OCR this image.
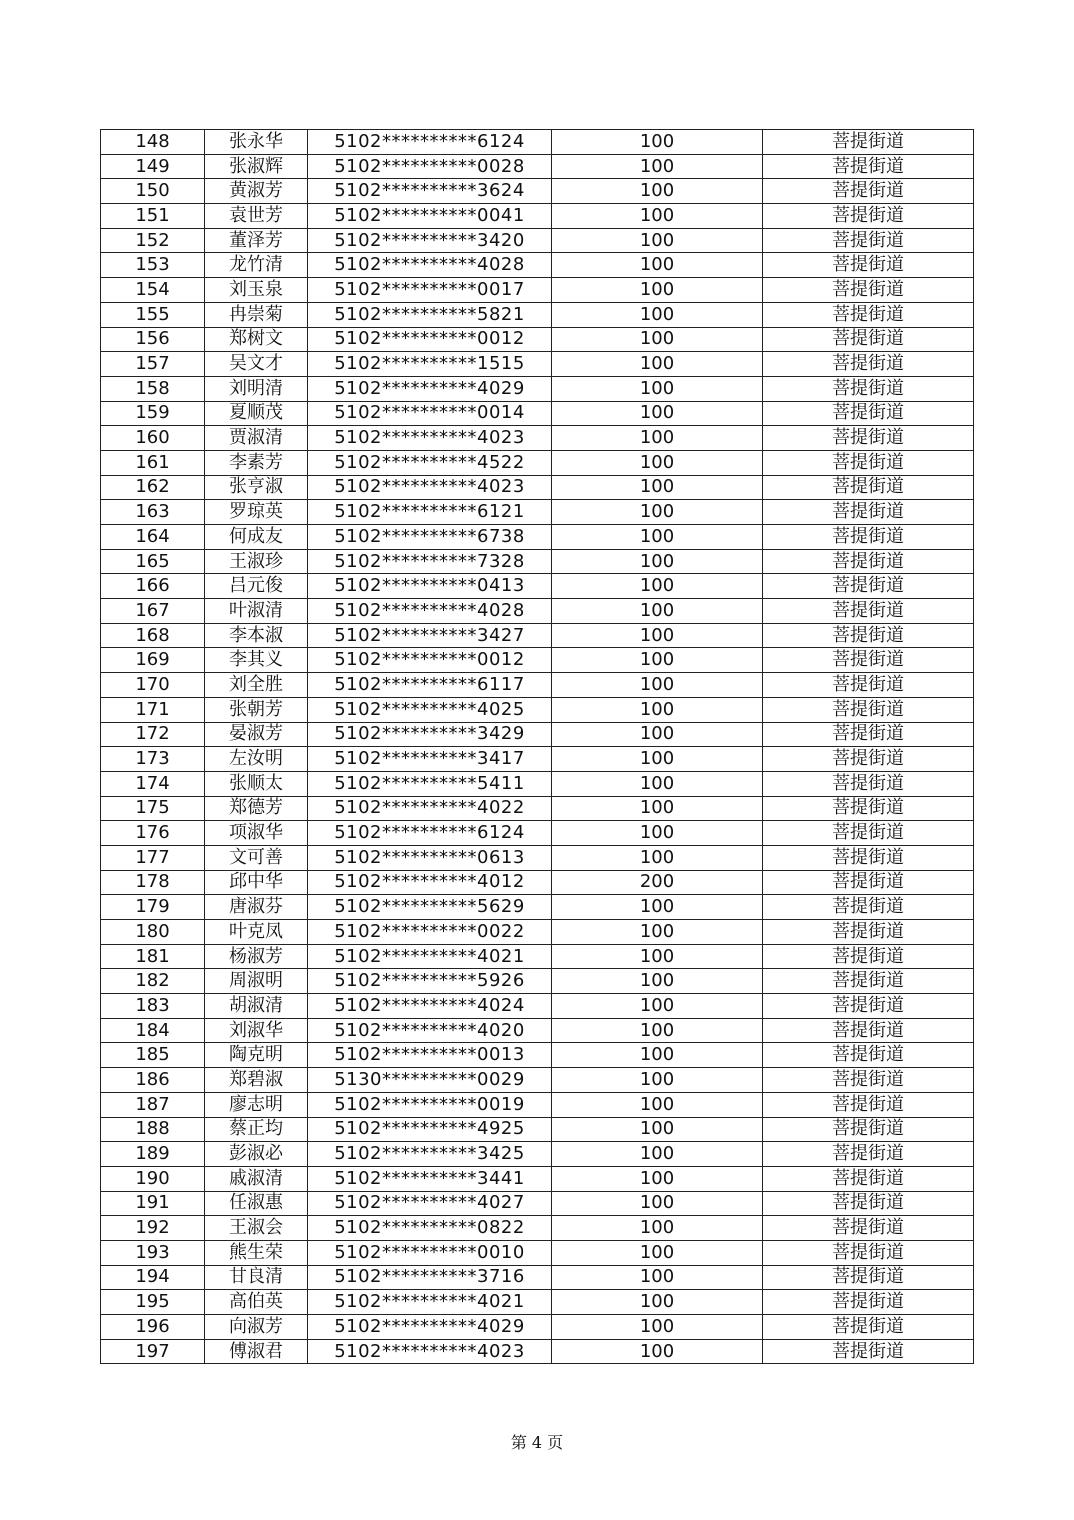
148	张永华	5102**********6124	100	菩提街道
149	张淑辉	5102**********0028	100	菩提街道
150	黄淑芳	5102**********3624	100	菩提街道
151	袁世芳	5102**********0041	100	菩提街道
152	董泽芳	5102**********3420	100	菩提街道
153	龙竹清	5102**********4028	100	菩提街道
154	刘玉泉	5102**********0017	100	菩提街道
155	冉崇菊	5102**********5821	100	菩提街道
156	郑树文	5102**********0012	100	菩提街道
157	吴文才	5102**********1515	100	菩提街道
158	刘明清	5102**********4029	100	菩提街道
159	夏顺茂	5102**********0014	100	菩提街道
160	贾淑清	5102**********4023	100	菩提街道
161	李素芳	5102**********4522	100	菩提街道
162	张亨淑	5102**********4023	100	菩提街道
163	罗琼英	5102**********6121	100	菩提街道
164	何成友	5102**********6738	100	菩提街道
165	王淑珍	5102**********7328	100	菩提街道
166	吕元俊	5102**********0413	100	菩提街道
167	叶淑清	5102**********4028	100	菩提街道
168	李本淑	5102**********3427	100	菩提街道
169	李其义	5102**********0012	100	菩提街道
170	刘全胜	5102**********6117	100	菩提街道
171	张朝芳	5102**********4025	100	菩提街道
172	晏淑芳	5102**********3429	100	菩提街道
173	左汝明	5102**********3417	100	菩提街道
174	张顺太	5102**********5411	100	菩提街道
175	郑德芳	5102**********4022	100	菩提街道
176	项淑华	5102**********6124	100	菩提街道
177	文可善	5102**********0613	100	菩提街道
178	邱中华	5102**********4012	200	菩提街道
179	唐淑芬	5102**********5629	100	菩提街道
180	叶克凤	5102**********0022	100	菩提街道
181	杨淑芳	5102**********4021	100	菩提街道
182	周淑明	5102**********5926	100	菩提街道
183	胡淑清	5102**********4024	100	菩提街道
184	刘淑华	5102**********4020	100	菩提街道
185	陶克明	5102**********0013	100	菩提街道
186	郑碧淑	5130**********0029	100	菩提街道
187	廖志明	5102**********0019	100	菩提街道
188	蔡正均	5102**********4925	100	菩提街道
189	彭淑必	5102**********3425	100	菩提街道
190	戚淑清	5102**********3441	100	菩提街道
191	任淑惠	5102**********4027	100	菩提街道
192	王淑会	5102**********0822	100	菩提街道
193	熊生荣	5102**********0010	100	菩提街道
194	甘良清	5102**********3716	100	菩提街道
195	高伯英	5102**********4021	100	菩提街道
196	向淑芳	5102**********4029	100	菩提街道
197	傅淑君	5102**********4023	100	菩提街道
第 4 页
